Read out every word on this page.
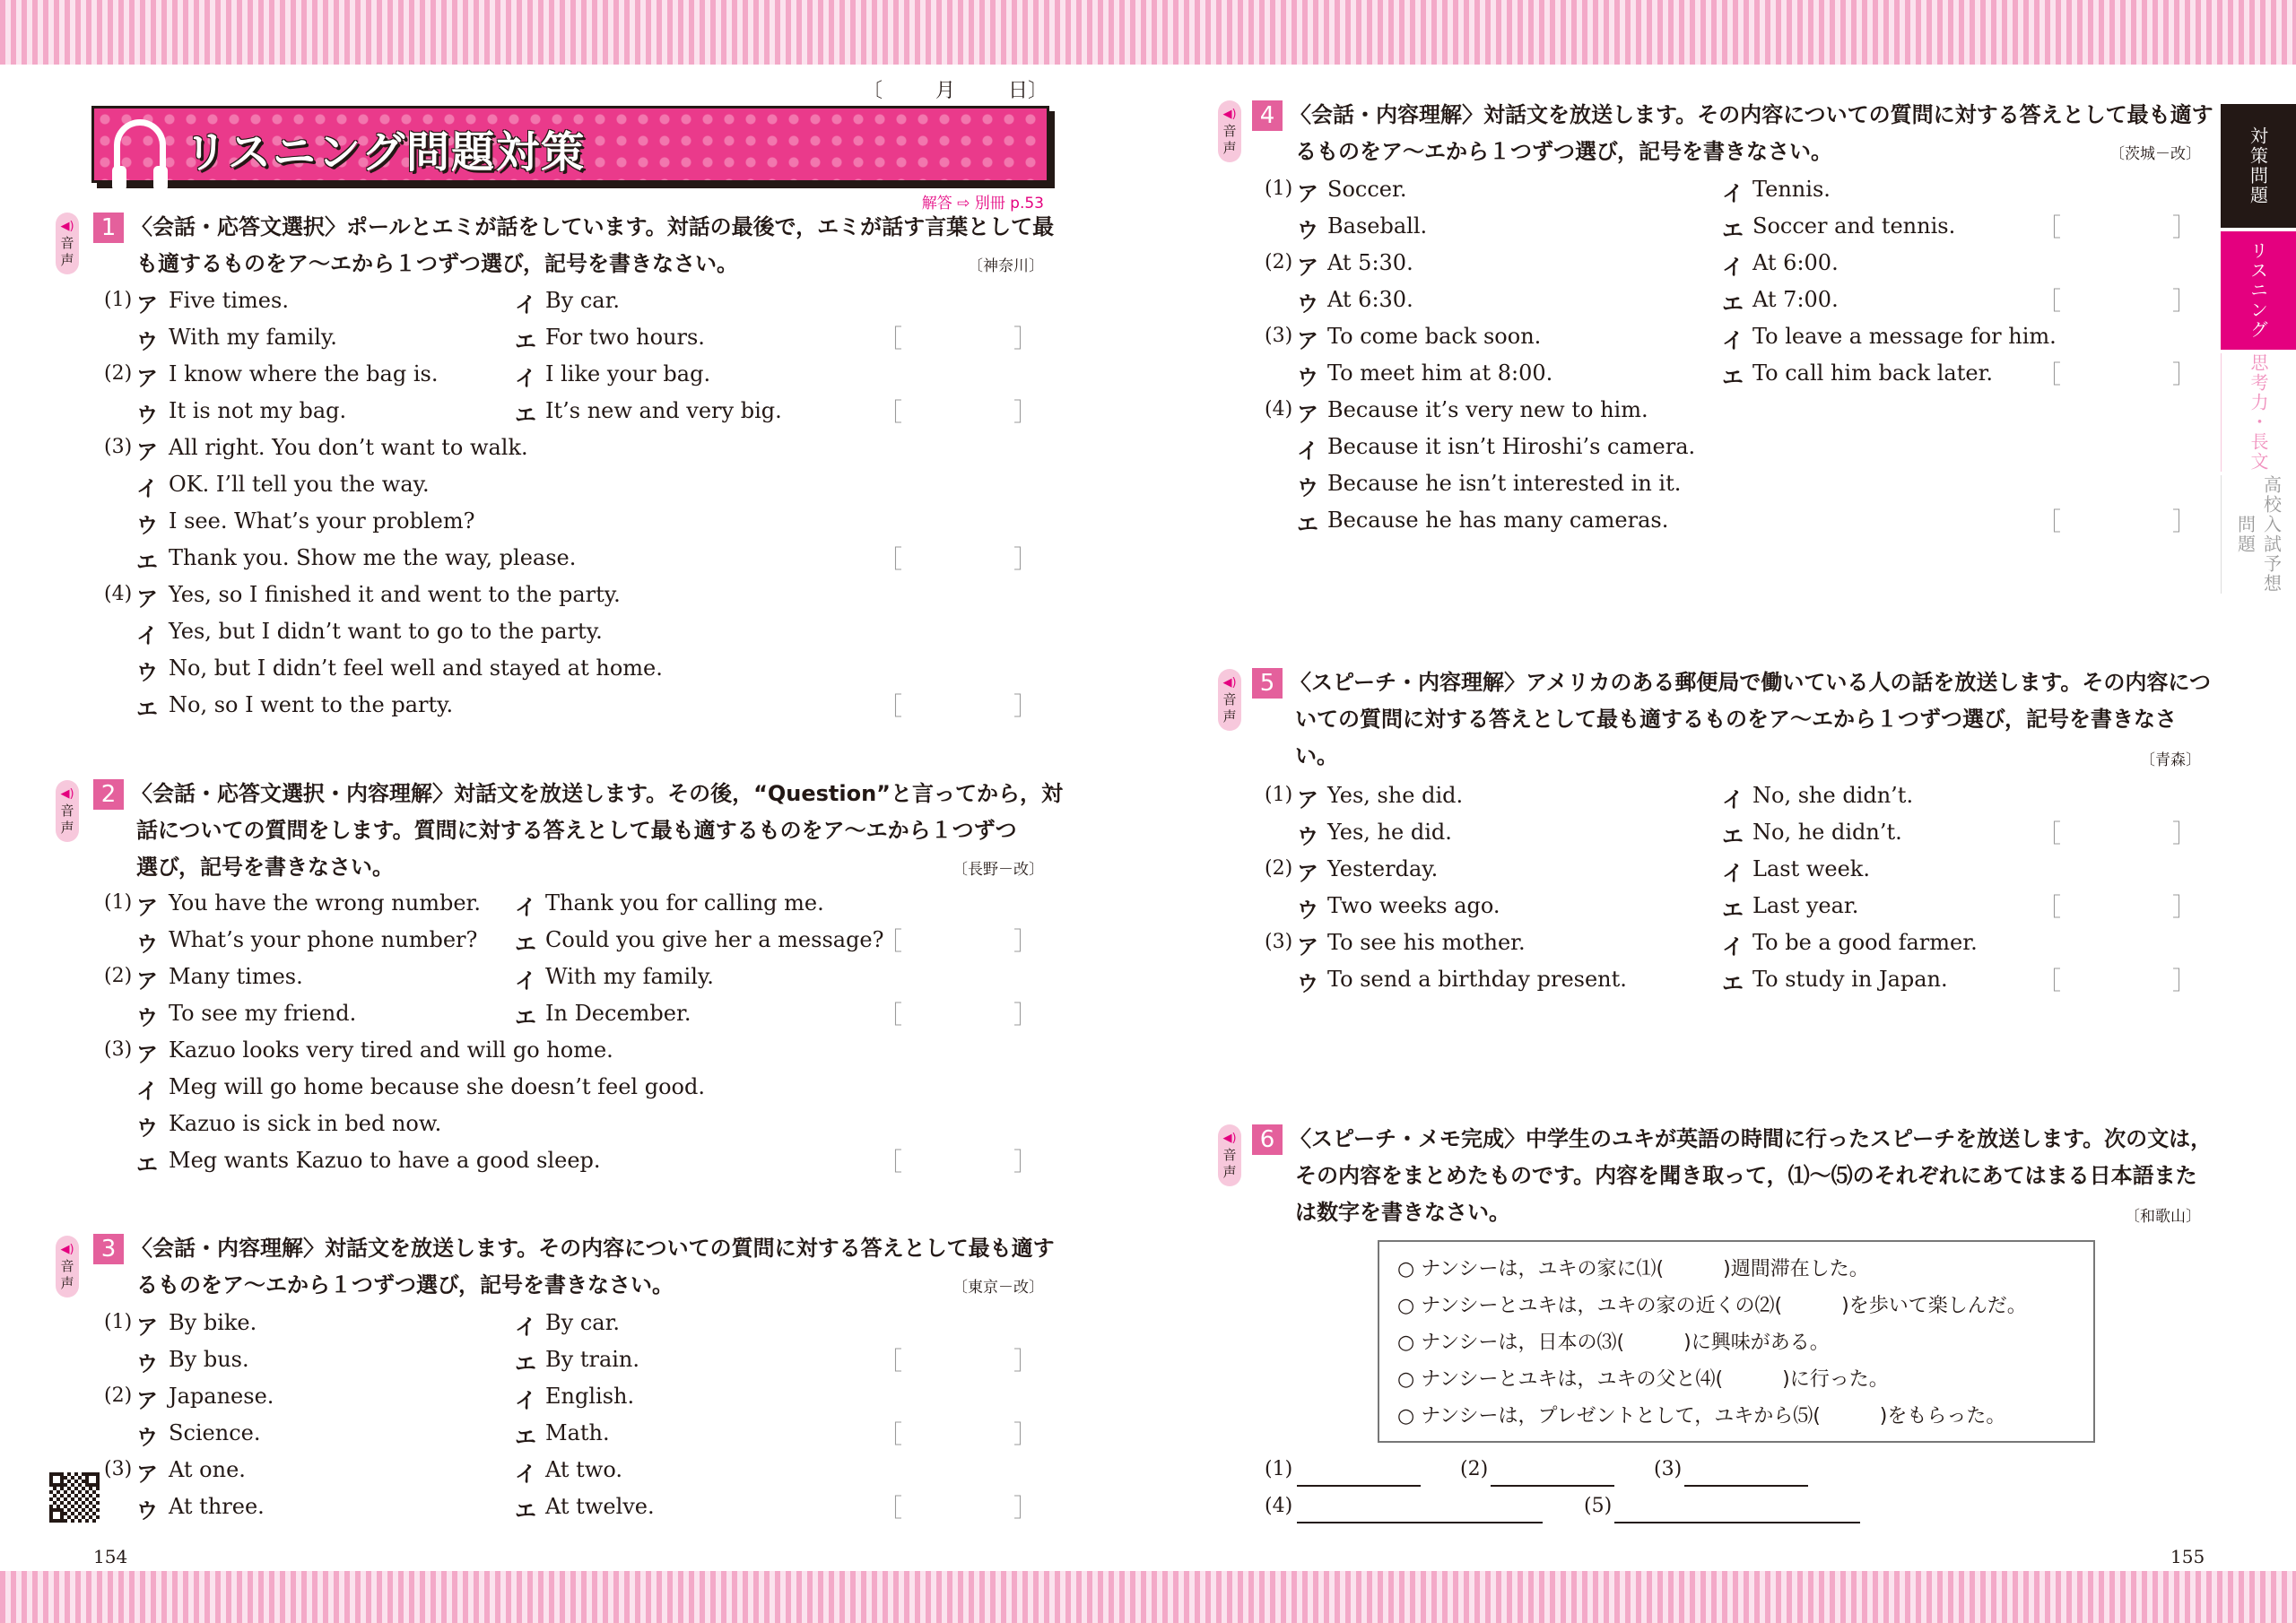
〔	月	日〕
リスニング問題対策
解答 ⇨ 別冊 p.53
◀︎)
音声
1 〈会話・応答文選択〉ポールとエミが話をしています。対話の最後で，エミが話す言葉として最
も適するものをア～エから１つずつ選び，記号を書きなさい。	〔神奈川〕
(1) ア Five times.	イ By car.
ウ With my family.	エ For two hours.	［	］
(2) ア I know where the bag is.	イ I like your bag.
ウ It is not my bag.	エ It’s new and very big.	［	］
(3) ア All right. You don’t want to walk.
イ OK. I’ll tell you the way.
ウ I see. What’s your problem?
エ Thank you. Show me the way, please.	［	］
(4) ア Yes, so I finished it and went to the party.
イ Yes, but I didn’t want to go to the party.
ウ No, but I didn’t feel well and stayed at home.
エ No, so I went to the party.	［	］
◀︎)
音声
2 〈会話・応答文選択・内容理解〉対話文を放送します。その後，“Question”と言ってから，対
話についての質問をします。質問に対する答えとして最も適するものをア～エから１つずつ
選び，記号を書きなさい。	〔長野－改〕
(1) ア You have the wrong number. イ Thank you for calling me.
ウ What’s your phone number? エ Could you give her a message?
［	］
(2) ア Many times.	イ With my family.
ウ To see my friend.	エ In December.	［	］
(3) ア Kazuo looks very tired and will go home.
イ Meg will go home because she doesn’t feel good.
ウ Kazuo is sick in bed now.
エ Meg wants Kazuo to have a good sleep.	［	］
◀︎)
音声
3 〈会話・内容理解〉対話文を放送します。その内容についての質問に対する答えとして最も適す
るものをア～エから１つずつ選び，記号を書きなさい。	〔東京－改〕
(1) ア By bike.	イ By car.
ウ By bus.	エ By train.	［	］
(2) ア Japanese.	イ English.
ウ Science.	エ Math.	［	］
(3) ア At one.	イ At two.
ウ At three.	エ At twelve.	［	］
154
◀︎)
音声
4 〈会話・内容理解〉対話文を放送します。その内容についての質問に対する答えとして最も適す
るものをア～エから１つずつ選び，記号を書きなさい。	〔茨城－改〕
(1) ア Soccer.	イ Tennis.
ウ Baseball.	エ Soccer and tennis.	［	］
(2) ア At 5:30.	イ At 6:00.
ウ At 6:30.	エ At 7:00.	［	］
(3) ア To come back soon.	イ To leave a message for him.
ウ To meet him at 8:00.	エ To call him back later. ［	］
(4) ア Because it’s very new to him.
イ Because it isn’t Hiroshi’s camera.
ウ Because he isn’t interested in it.
エ Because he has many cameras.	［	］
◀︎)
音声
5 〈スピーチ・内容理解〉アメリカのある郵便局で働いている人の話を放送します。その内容につ
いての質問に対する答えとして最も適するものをア～エから１つずつ選び，記号を書きなさ
い。	〔青森〕
(1) ア Yes, she did.	イ No, she didn’t.
ウ Yes, he did.	エ No, he didn’t.	［	］
(2) ア Yesterday.	イ Last week.
ウ Two weeks ago.	エ Last year.	［	］
(3) ア To see his mother.	イ To be a good farmer.
ウ To send a birthday present.	エ To study in Japan.	［	］
◀︎)
音声
6 〈スピーチ・メモ完成〉中学生のユキが英語の時間に行ったスピーチを放送します。次の文は，
その内容をまとめたものです。内容を聞き取って，⑴～⑸のそれぞれにあてはまる日本語また
は数字を書きなさい。	〔和歌山〕
○ ナンシーは，ユキの家に⑴(　　　)週間滞在した。
○ ナンシーとユキは，ユキの家の近くの⑵(　　　)を歩いて楽しんだ。
○ ナンシーは，日本の⑶(　　　)に興味がある。
○ ナンシーとユキは，ユキの父と⑷(　　　)に行った。
○ ナンシーは，プレゼントとして，ユキから⑸(　　　)をもらった。
(1)	(2)	(3)
(4)	(5)
155
対策問題
リスニング
思考力・長文
高校入試予想問題
